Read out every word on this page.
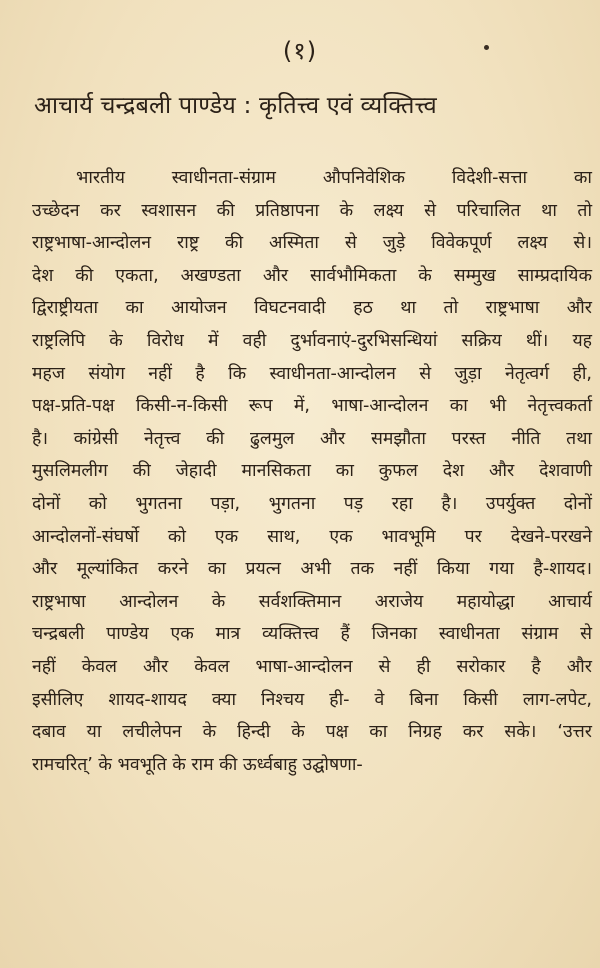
(१)
आचार्य चन्द्रबली पाण्डेय : कृतित्त्व एवं व्यक्तित्त्व
भारतीय स्वाधीनता-संग्राम औपनिवेशिक विदेशी-सत्ता का
उच्छेदन कर स्वशासन की प्रतिष्ठापना के लक्ष्य से परिचालित था तो
राष्ट्रभाषा-आन्दोलन राष्ट्र की अस्मिता से जुड़े विवेकपूर्ण लक्ष्य से।
देश की एकता, अखण्डता और सार्वभौमिकता के सम्मुख साम्प्रदायिक
द्विराष्ट्रीयता का आयोजन विघटनवादी हठ था तो राष्ट्रभाषा और
राष्ट्रलिपि के विरोध में वही दुर्भावनाएं-दुरभिसन्धियां सक्रिय थीं। यह
महज संयोग नहीं है कि स्वाधीनता-आन्दोलन से जुड़ा नेतृत्वर्ग ही,
पक्ष-प्रति-पक्ष किसी-न-किसी रूप में, भाषा-आन्दोलन का भी नेतृत्त्वकर्ता
है। कांग्रेसी नेतृत्त्व की ढुलमुल और समझौता परस्त नीति तथा
मुसलिमलीग की जेहादी मानसिकता का कुफल देश और देशवाणी
दोनों को भुगतना पड़ा, भुगतना पड़ रहा है। उपर्युक्त दोनों
आन्दोलनों-संघर्षो को एक साथ, एक भावभूमि पर देखने-परखने
और मूल्यांकित करने का प्रयत्न अभी तक नहीं किया गया है-शायद।
राष्ट्रभाषा आन्दोलन के सर्वशक्तिमान अराजेय महायोद्धा आचार्य
चन्द्रबली पाण्डेय एक मात्र व्यक्तित्त्व हैं जिनका स्वाधीनता संग्राम से
नहीं केवल और केवल भाषा-आन्दोलन से ही सरोकार है और
इसीलिए शायद-शायद क्या निश्चय ही- वे बिना किसी लाग-लपेट,
दबाव या लचीलेपन के हिन्दी के पक्ष का निग्रह कर सके। ‘उत्तर
रामचरित्’ के भवभूति के राम की ऊर्ध्वबाहु उद्घोषणा-
